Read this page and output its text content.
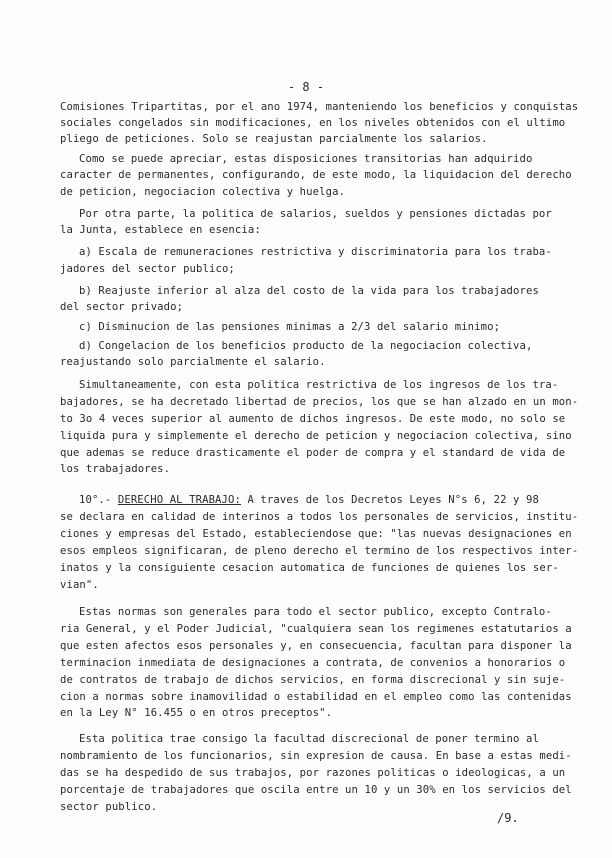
- 8 -
Comisiones Tripartitas, por el ano 1974, manteniendo los beneficios y conquistas
sociales congelados sin modificaciones, en los niveles obtenidos con el ultimo
pliego de peticiones. Solo se reajustan parcialmente los salarios.
Como se puede apreciar, estas disposiciones transitorias han adquirido
caracter de permanentes, configurando, de este modo, la liquidacion del derecho
de peticion, negociacion colectiva y huelga.
Por otra parte, la politica de salarios, sueldos y pensiones dictadas por
la Junta, establece en esencia:
a) Escala de remuneraciones restrictiva y discriminatoria para los traba-
jadores del sector publico;
b) Reajuste inferior al alza del costo de la vida para los trabajadores
del sector privado;
c) Disminucion de las pensiones minimas a 2/3 del salario minimo;
d) Congelacion de los beneficios producto de la negociacion colectiva,
reajustando solo parcialmente el salario.
Simultaneamente, con esta politica restrictiva de los ingresos de los tra-
bajadores, se ha decretado libertad de precios, los que se han alzado en un mon-
to 3o 4 veces superior al aumento de dichos ingresos. De este modo, no solo se
liquida pura y simplemente el derecho de peticion y negociacion colectiva, sino
que ademas se reduce drasticamente el poder de compra y el standard de vida de
los trabajadores.
10°.- DERECHO AL TRABAJO: A traves de los Decretos Leyes N°s 6, 22 y 98
se declara en calidad de interinos a todos los personales de servicios, institu-
ciones y empresas del Estado, estableciendose que: "las nuevas designaciones en
esos empleos significaran, de pleno derecho el termino de los respectivos inter-
inatos y la consiguiente cesacion automatica de funciones de quienes los ser-
vian".
Estas normas son generales para todo el sector publico, excepto Contralo-
ria General, y el Poder Judicial, "cualquiera sean los regimenes estatutarios a
que esten afectos esos personales y, en consecuencia, facultan para disponer la
terminacion inmediata de designaciones a contrata, de convenios a honorarios o
de contratos de trabajo de dichos servicios, en forma discrecional y sin suje-
cion a normas sobre inamovilidad o estabilidad en el empleo como las contenidas
en la Ley N° 16.455 o en otros preceptos".
Esta politica trae consigo la facultad discrecional de poner termino al
nombramiento de los funcionarios, sin expresion de causa. En base a estas medi-
das se ha despedido de sus trabajos, por razones politicas o ideologicas, a un
porcentaje de trabajadores que oscila entre un 10 y un 30% en los servicios del
sector publico.
/9.
